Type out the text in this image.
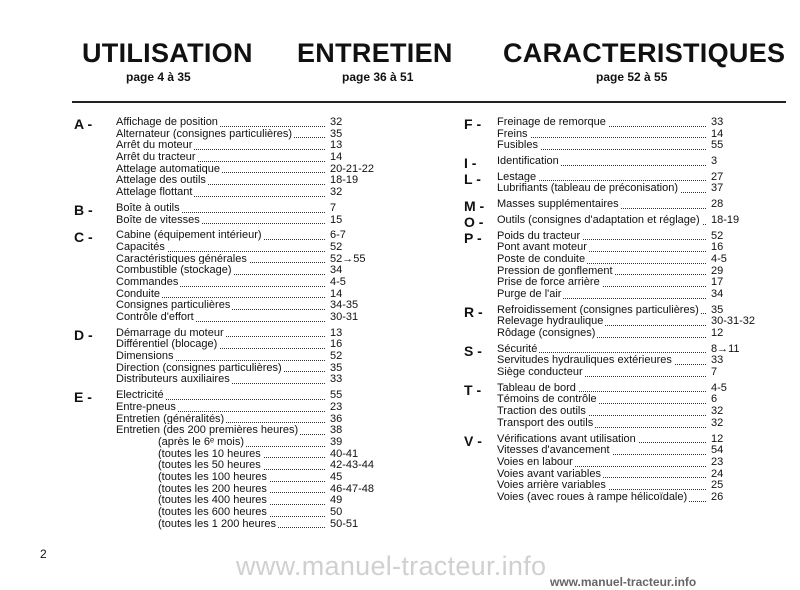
UTILISATION ENTRETIEN CARACTERISTIQUES
page 4 à 35	page 36 à 51	page 52 à 55
A - Affichage de position	32
Alternateur (consignes particulières)	35
Arrêt du moteur	13
Arrêt du tracteur	14
Attelage automatique	20-21-22
Attelage des outils	18-19
Attelage flottant	32
B - Boîte à outils	7
Boîte de vitesses	15
C - Cabine (équipement intérieur)	6-7
Capacités	52
Caractéristiques générales	52→55
Combustible (stockage)	34
Commandes	4-5
Conduite	14
Consignes particulières	34-35
Contrôle d'effort	30-31
D - Démarrage du moteur	13
Différentiel (blocage)	16
Dimensions	52
Direction (consignes particulières)	35
Distributeurs auxiliaires	33
E - Electricité	55
Entre-pneus	23
Entretien (généralités)	36
Entretien (des 200 premières heures)	38
(après le 6ᵉ mois)	39
(toutes les 10 heures	40-41
(toutes les 50 heures	42-43-44
(toutes les 100 heures	45
(toutes les 200 heures	46-47-48
(toutes les 400 heures	49
(toutes les 600 heures	50
(toutes les 1 200 heures	50-51
F - Freinage de remorque	33
Freins	14
Fusibles	55
I - Identification	3
L - Lestage	27
Lubrifiants (tableau de préconisation)	37
M - Masses supplémentaires	28
O - Outils (consignes d'adaptation et réglage) 18-19
P - Poids du tracteur	52
Pont avant moteur	16
Poste de conduite	4-5
Pression de gonflement	29
Prise de force arrière	17
Purge de l'air	34
R - Refroidissement (consignes particulières) 35
Relevage hydraulique	30-31-32
Rôdage (consignes)	12
S - Sécurité	8→11
Servitudes hydrauliques extérieures	33
Siège conducteur	7
T - Tableau de bord	4-5
Témoins de contrôle	6
Traction des outils	32
Transport des outils	32
V - Vérifications avant utilisation	12
Vitesses d'avancement	54
Voies en labour	23
Voies avant variables	24
Voies arrière variables	25
Voies (avec roues à rampe hélicoïdale) 26
2	www.manuel-tracteur.info
www.manuel-tracteur.info
